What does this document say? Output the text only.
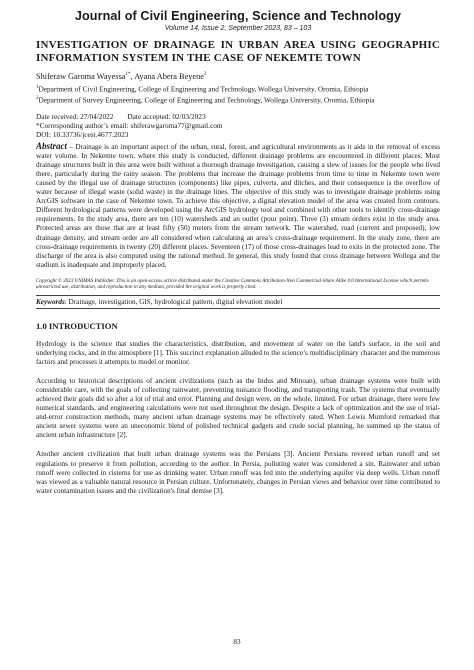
Journal of Civil Engineering, Science and Technology
Volume 14, Issue 2, September 2023, 83 – 103
INVESTIGATION OF DRAINAGE IN URBAN AREA USING GEOGRAPHIC INFORMATION SYSTEM IN THE CASE OF NEKEMTE TOWN
Shiferaw Garoma Wayessa$^{1*}$, Ayana Abera Beyene$^2$
$^1$Department of Civil Engineering, College of Engineering and Technology, Wollega University, Oromia, Ethiopia
$^2$Department of Survey Engineering, College of Engineering and Technology, Wollega University, Oromia, Ethiopia
Date received: 27/04/2022 Date accepted: 02/03/2023
*Corresponding author’s email: shiferawgaroma77@gmail.com
DOI: 10.33736/jcest.4677.2023
Abstract – Drainage is an important aspect of the urban, rural, forest, and agricultural environments as it aids in the removal of excess water volume. In Nekemte town, where this study is conducted, different drainage problems are encountered in different places. Most drainage structures built in this area were built without a thorough drainage investigation, causing a slew of issues for the people who lived there, particularly during the rainy season. The problems that increase the drainage problems from time to time in Nekemte town were caused by the illegal use of drainage structures (components) like pipes, culverts, and ditches, and their consequence is the overflow of water because of illegal waste (solid waste) in the drainage lines. The objective of this study was to investigate drainage problems using ArcGIS software in the case of Nekemte town. To achieve this objective, a digital elevation model of the area was created from contours. Different hydrological patterns were developed using the ArcGIS hydrology tool and combined with other tools to identify cross-drainage requirements. In the study area, there are ten (10) watersheds and an outlet (pour point). Three (3) stream orders exist in the study area. Protected areas are those that are at least fifty (50) meters from the stream network. The watershed, road (current and proposed), low drainage density, and stream order are all considered when calculating an area’s cross-drainage requirement. In the study zone, there are cross-drainage requirements in twenty (20) different places. Seventeen (17) of those cross-drainages lead to exits in the protected zone. The discharge of the area is also computed using the rational method. In general, this study found that cross drainage between Wollega and the stadium is inadequate and improperly placed.
Copyright © 2023 UNIMAS Publisher. This is an open-access article distributed under the Creative Commons Attribution-Non Commercial-Share Alike 4.0 International License which permits unrestricted use, distribution, and reproduction in any medium, provided the original work is properly cited.
Keywords: Drainage, investigation, GIS, hydrological pattern, digital elevation model
1.0 INTRODUCTION
Hydrology is the science that studies the characteristics, distribution, and movement of water on the land's surface, in the soil and underlying rocks, and in the atmosphere [1]. This succinct explanation alluded to the science’s multidisciplinary character and the numerous factors and processes it attempts to model or monitor.
According to historical descriptions of ancient civilizations (such as the Indus and Minoan), urban drainage systems were built with considerable care, with the goals of collecting rainwater, preventing nuisance flooding, and transporting trash. The systems that eventually achieved their goals did so after a lot of trial and error. Planning and design were, on the whole, limited. For urban drainage, there were few numerical standards, and engineering calculations were not used throughout the design. Despite a lack of optimization and the use of trial-and-error construction methods, many ancient urban drainage systems may be effectively rated. When Lewis Mumford remarked that ancient sewer systems were an uneconomic blend of polished technical gadgets and crude social planning, he summed up the status of ancient urban infrastructure [2].
Another ancient civilization that built urban drainage systems was the Persians [3]. Ancient Persians revered urban runoff and set regulations to preserve it from pollution, according to the author. In Persia, polluting water was considered a sin. Rainwater and urban runoff were collected in cisterns for use as drinking water. Urban runoff was fed into the underlying aquifer via deep wells. Urban runoff was viewed as a valuable natural resource in Persian culture. Unfortunately, changes in Persian views and behavior over time contributed to water contamination issues and the civilization's final demise [3].
83
